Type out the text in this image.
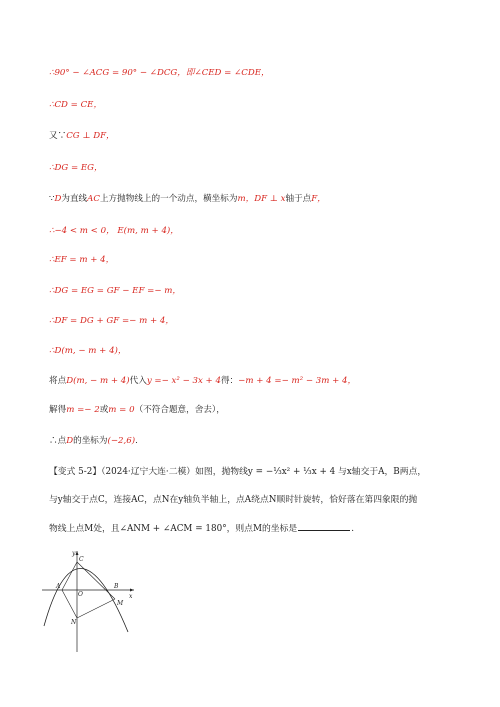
∴90° − ∠ACG = 90° − ∠DCG，即∠CED = ∠CDE，
∴CD = CE，
又∵CG ⊥ DF，
∴DG = EG，
∵D为直线AC上方抛物线上的一个动点，横坐标为m，DF ⊥ x轴于点F，
∴−4 < m < 0， E(m, m + 4)，
∴EF = m + 4，
∴DG = EG = GF − EF =− m，
∴DF = DG + GF =− m + 4，
∴D(m, − m + 4)，
将点D(m, − m + 4)代入y =− x² − 3x + 4得：−m + 4 =− m² − 3m + 4，
解得m =− 2或m = 0（不符合题意，舍去），
∴点D的坐标为(−2,6).
【变式 5-2】（2024·辽宁大连·二模）如图，抛物线y = −⅓x² + ⅓x + 4 与x轴交于A，B两点，
与y轴交于点C，连接AC，点N在y轴负半轴上，点A绕点N顺时针旋转，恰好落在第四象限的抛
物线上点M处，且∠ANM + ∠ACM = 180°，则点M的坐标是	.
y
x
A	B
C
M
N
O
